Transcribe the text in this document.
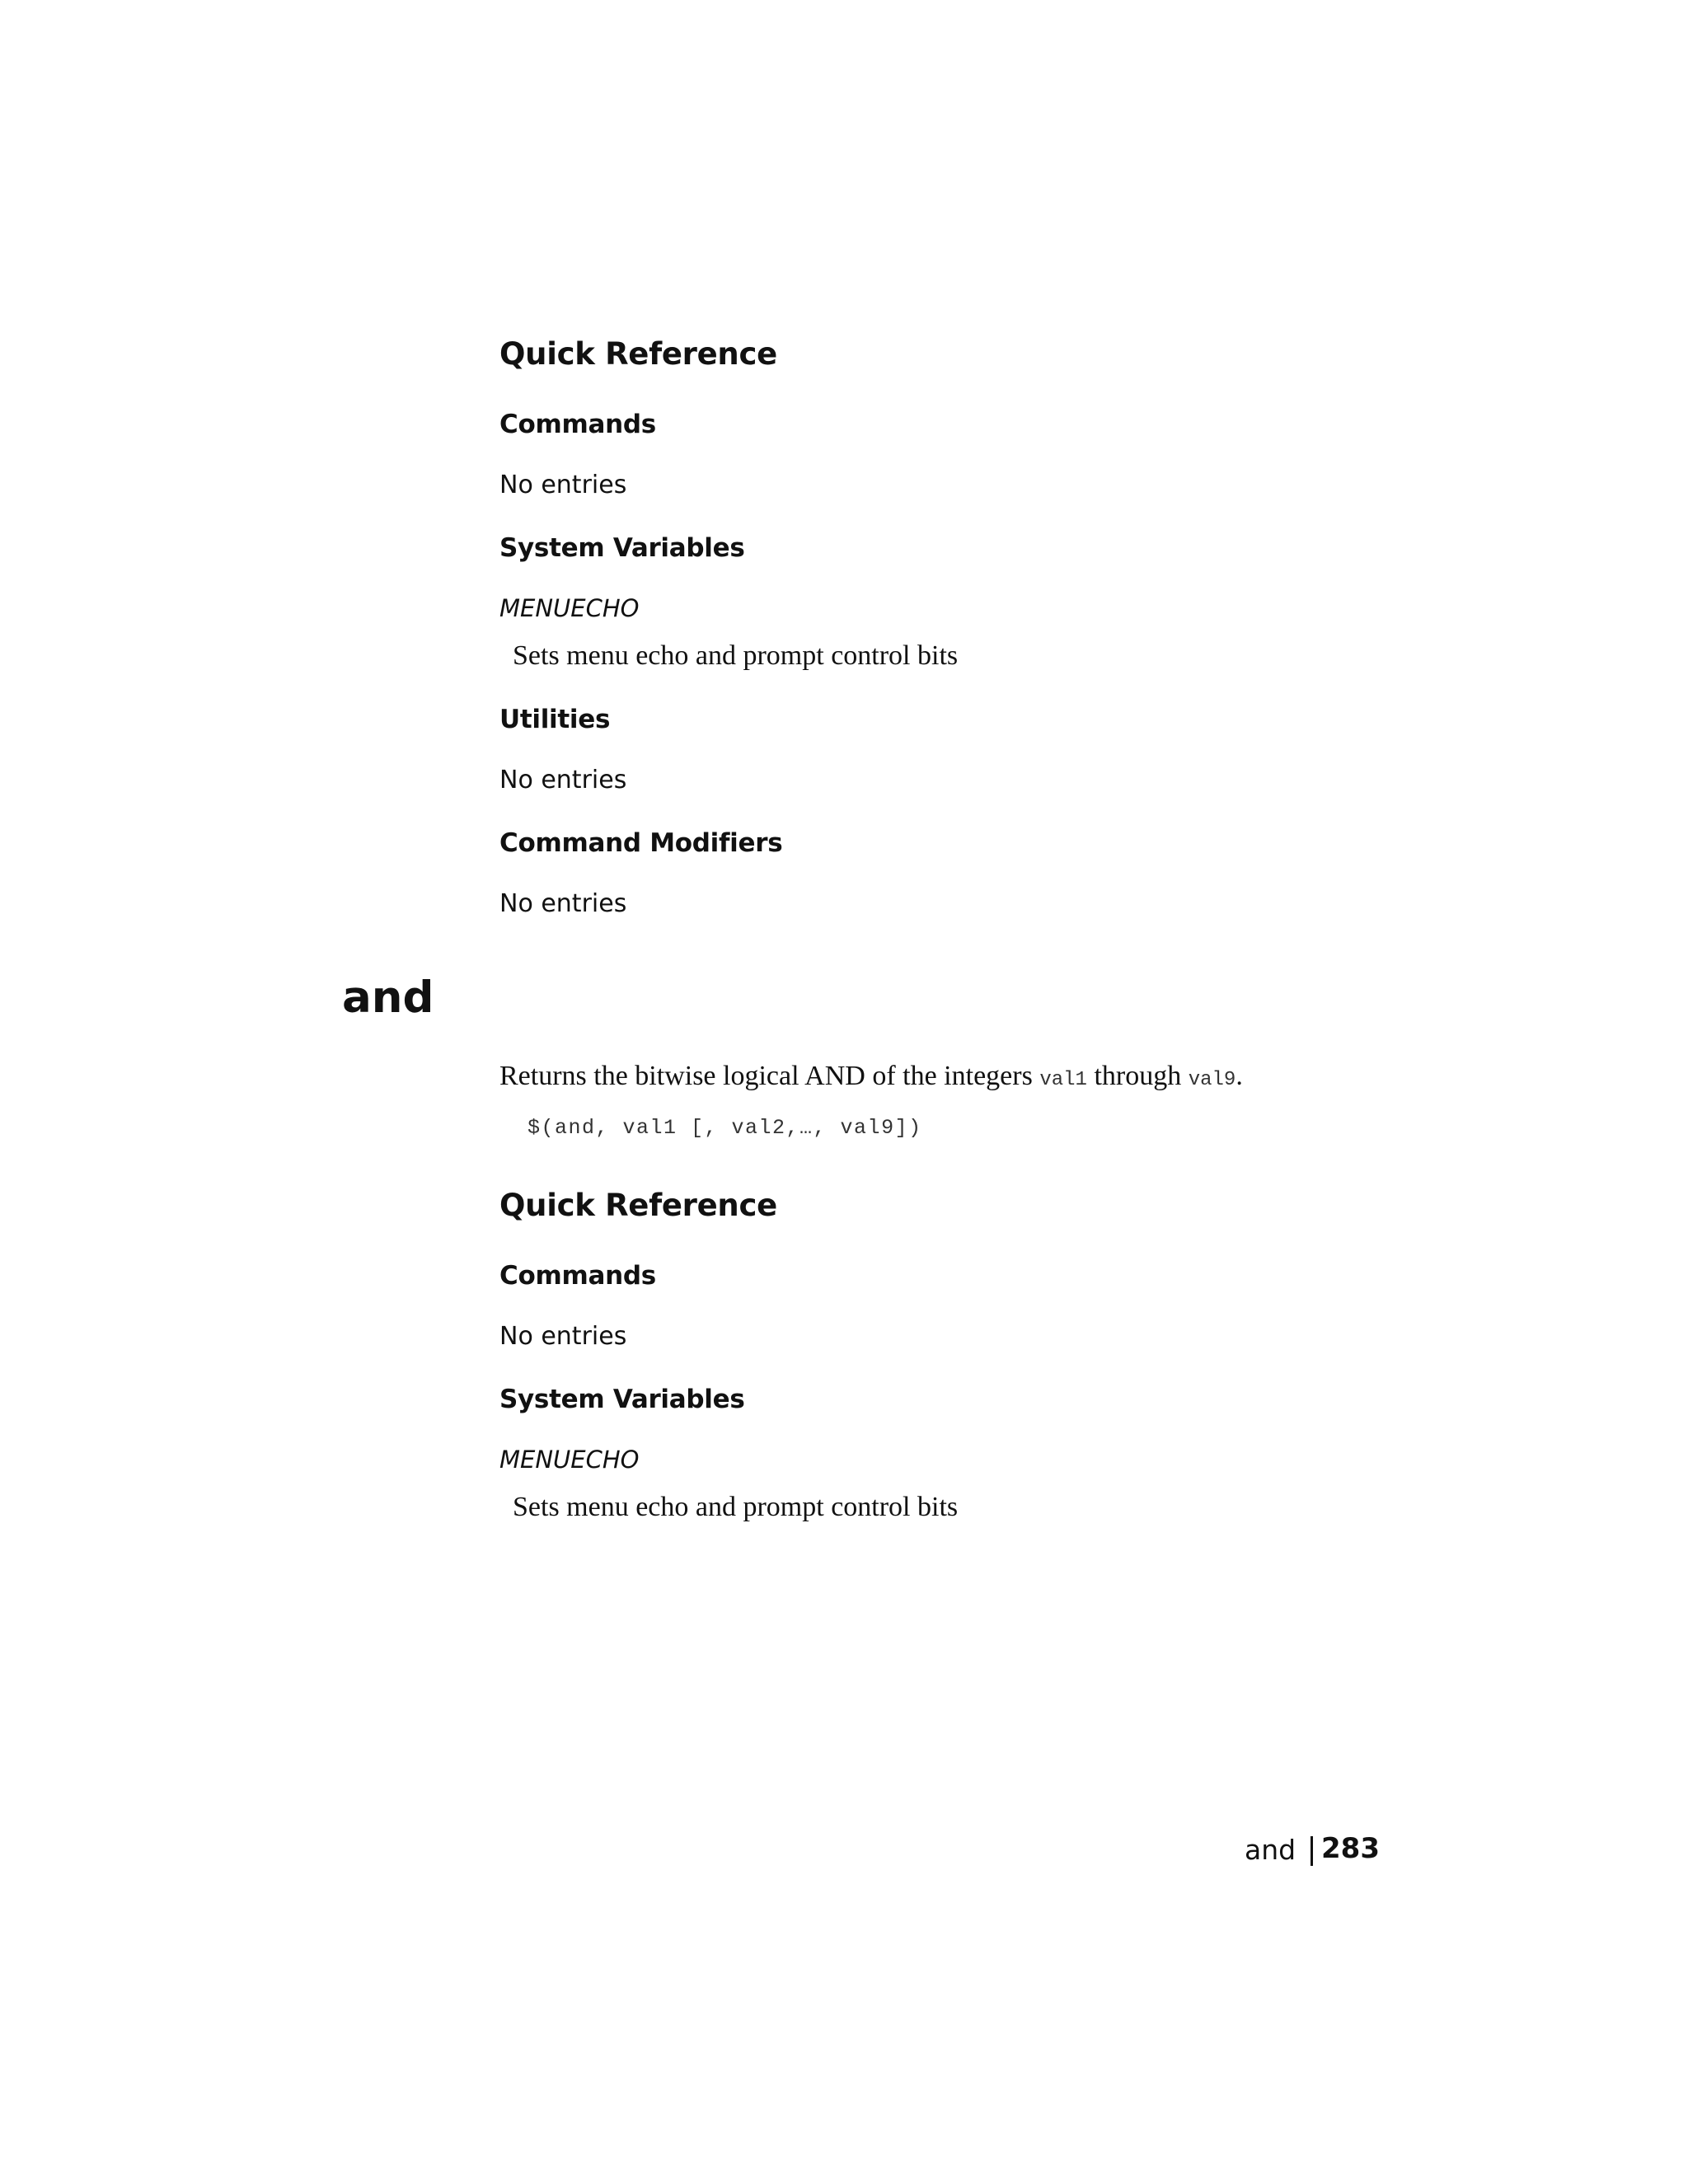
Quick Reference
Commands
No entries
System Variables
MENUECHO
Sets menu echo and prompt control bits
Utilities
No entries
Command Modifiers
No entries
and
Returns the bitwise logical AND of the integers val1 through val9.
$(and, val1 [, val2,…, val9])
Quick Reference
Commands
No entries
System Variables
MENUECHO
Sets menu echo and prompt control bits
and 283
